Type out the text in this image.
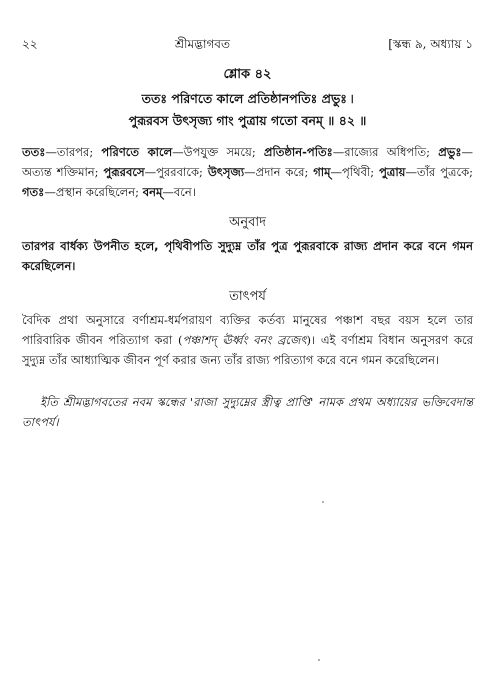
২২	শ্রীমদ্ভাগবত	[স্কন্ধ ৯, অধ্যায় ১
শ্লোক ৪২
ততঃ পরিণতে কালে প্রতিষ্ঠানপতিঃ প্রভুঃ ৷
পুরূরবস উৎসৃজ্য গাং পুত্রায় গতো বনম্ ॥ ৪২ ॥
ততঃ—তারপর; পরিণতে কালে—উপযুক্ত সময়ে; প্রতিষ্ঠান-পতিঃ—রাজ্যের অধিপতি; প্রভুঃ—অত্যন্ত শক্তিমান; পুরূরবসে—পুররবাকে; উৎসৃজ্য—প্রদান করে; গাম্—পৃথিবী; পুত্রায়—তাঁর পুত্রকে; গতঃ—প্রস্থান করেছিলেন; বনম্—বনে।
অনুবাদ
তারপর বার্ধক্য উপনীত হলে, পৃথিবীপতি সুদ্যুম্ন তাঁর পুত্র পুরূরবাকে রাজ্য প্রদান করে বনে গমন করেছিলেন।
তাৎপর্য
বৈদিক প্রথা অনুসারে বর্ণাশ্রম-ধর্মপরায়ণ ব্যক্তির কর্তব্য মানুষের পঞ্চাশ বছর বয়স হলে তার পারিবারিক জীবন পরিত্যাগ করা (পঞ্চাশদ্ ঊর্ধ্বং বনং ব্রজেৎ)। এই বর্ণাশ্রম বিধান অনুসরণ করে সুদ্যুম্ন তাঁর আধ্যাত্মিক জীবন পূর্ণ করার জন্য তাঁর রাজ্য পরিত্যাগ করে বনে গমন করেছিলেন।
ইতি শ্রীমদ্ভাগবতের নবম স্কন্ধের 'রাজা সুদ্যুম্নের স্ত্রীত্ব প্রাপ্তি' নামক প্রথম অধ্যায়ের ভক্তিবেদান্ত তাৎপর্য।
